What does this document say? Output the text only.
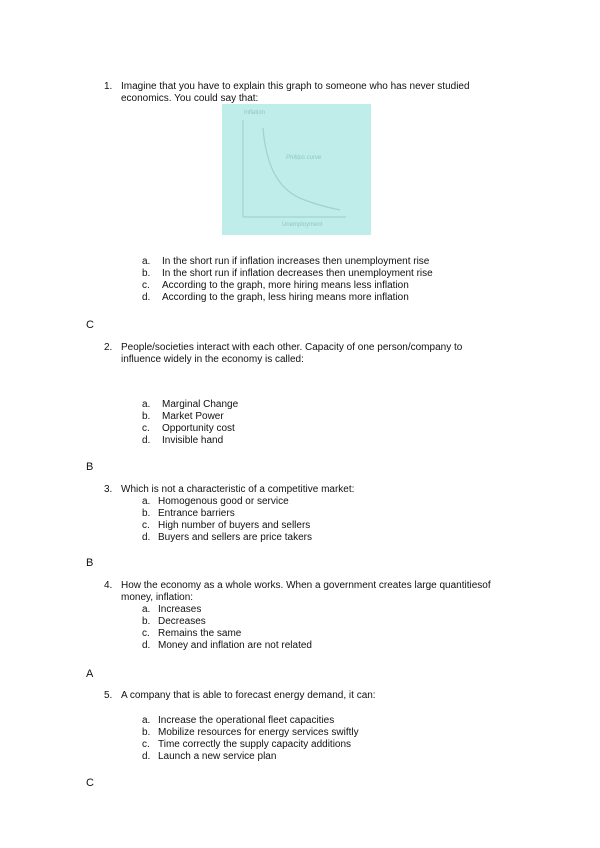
1. Imagine that you have to explain this graph to someone who has never studied economics. You could say that:
Inflation
Phillips curve
Unemployment
a. In the short run if inflation increases then unemployment rise
b. In the short run if inflation decreases then unemployment rise
c. According to the graph, more hiring means less inflation
d. According to the graph, less hiring means more inflation
C
2. People/societies interact with each other. Capacity of one person/company to influence widely in the economy is called:
a. Marginal Change
b. Market Power
c. Opportunity cost
d. Invisible hand
B
3. Which is not a characteristic of a competitive market:
a. Homogenous good or service
b. Entrance barriers
c. High number of buyers and sellers
d. Buyers and sellers are price takers
B
4. How the economy as a whole works. When a government creates large quantitiesof money, inflation:
a. Increases
b. Decreases
c. Remains the same
d. Money and inflation are not related
A
5. A company that is able to forecast energy demand, it can:
a. Increase the operational fleet capacities
b. Mobilize resources for energy services swiftly
c. Time correctly the supply capacity additions
d. Launch a new service plan
C
